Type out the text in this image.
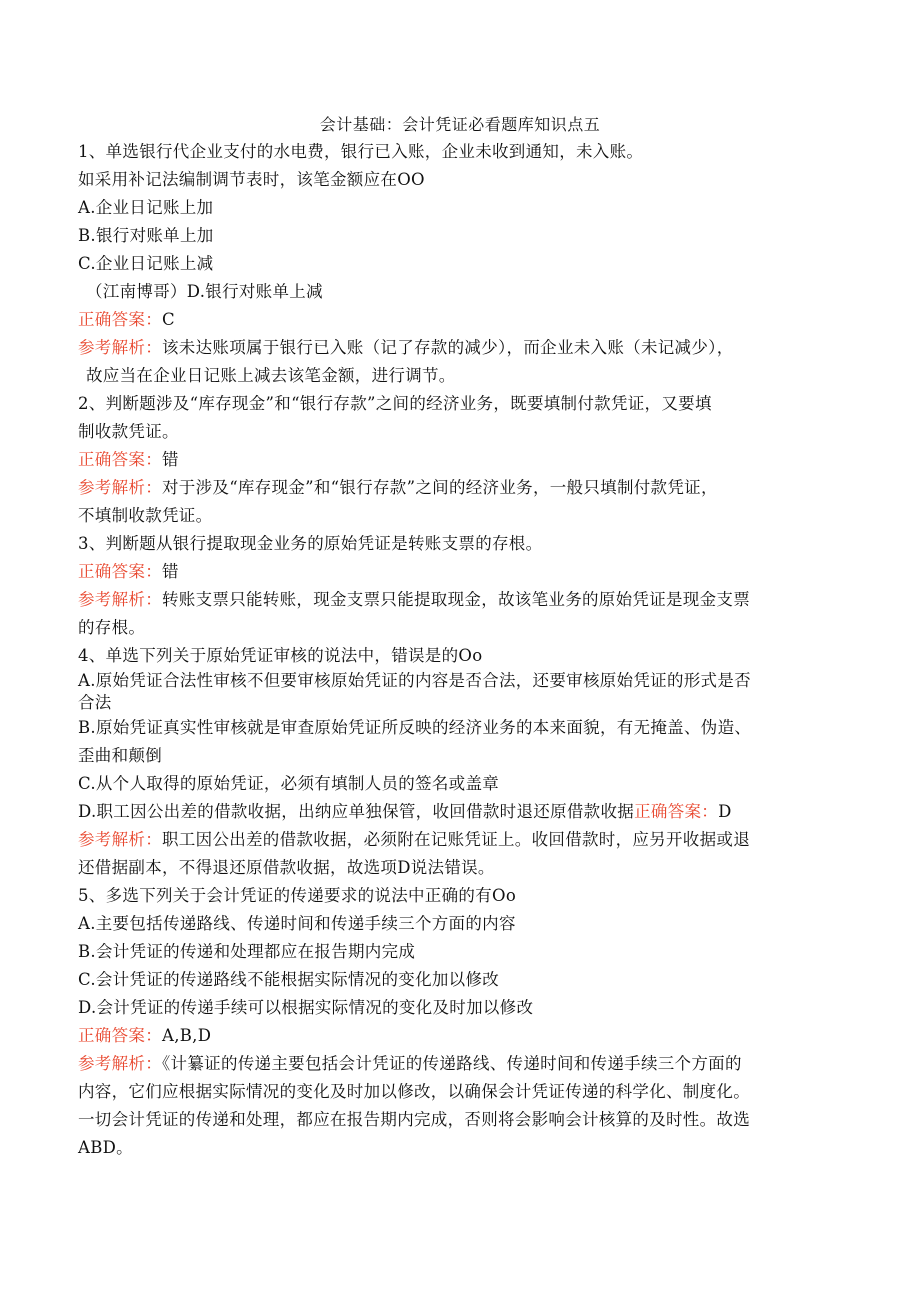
会计基础：会计凭证必看题库知识点五
1、单选银行代企业支付的水电费，银行已入账，企业未收到通知，未入账。
如采用补记法编制调节表时，该笔金额应在OO
A.企业日记账上加
B.银行对账单上加
C.企业日记账上减
（江南博哥）D.银行对账单上减
正确答案：C
参考解析：该未达账项属于银行已入账（记了存款的减少），而企业未入账（未记减少），
故应当在企业日记账上减去该笔金额，进行调节。
2、判断题涉及“库存现金”和“银行存款”之间的经济业务，既要填制付款凭证，又要填
制收款凭证。
正确答案：错
参考解析：对于涉及“库存现金”和“银行存款”之间的经济业务，一般只填制付款凭证，
不填制收款凭证。
3、判断题从银行提取现金业务的原始凭证是转账支票的存根。
正确答案：错
参考解析：转账支票只能转账，现金支票只能提取现金，故该笔业务的原始凭证是现金支票
的存根。
4、单选下列关于原始凭证审核的说法中，错误是的Oo
A.原始凭证合法性审核不但要审核原始凭证的内容是否合法，还要审核原始凭证的形式是否
合法
B.原始凭证真实性审核就是审查原始凭证所反映的经济业务的本来面貌，有无掩盖、伪造、
歪曲和颠倒
C.从个人取得的原始凭证，必须有填制人员的签名或盖章
D.职工因公出差的借款收据，出纳应单独保管，收回借款时退还原借款收据正确答案：D
参考解析：职工因公出差的借款收据，必须附在记账凭证上。收回借款时，应另开收据或退
还借据副本，不得退还原借款收据，故选项D说法错误。
5、多选下列关于会计凭证的传递要求的说法中正确的有Oo
A.主要包括传递路线、传递时间和传递手续三个方面的内容
B.会计凭证的传递和处理都应在报告期内完成
C.会计凭证的传递路线不能根据实际情况的变化加以修改
D.会计凭证的传递手续可以根据实际情况的变化及时加以修改
正确答案：A,B,D
参考解析：《计纂证的传递主要包括会计凭证的传递路线、传递时间和传递手续三个方面的
内容，它们应根据实际情况的变化及时加以修改，以确保会计凭证传递的科学化、制度化。
一切会计凭证的传递和处理，都应在报告期内完成，否则将会影响会计核算的及时性。故选
ABD。
